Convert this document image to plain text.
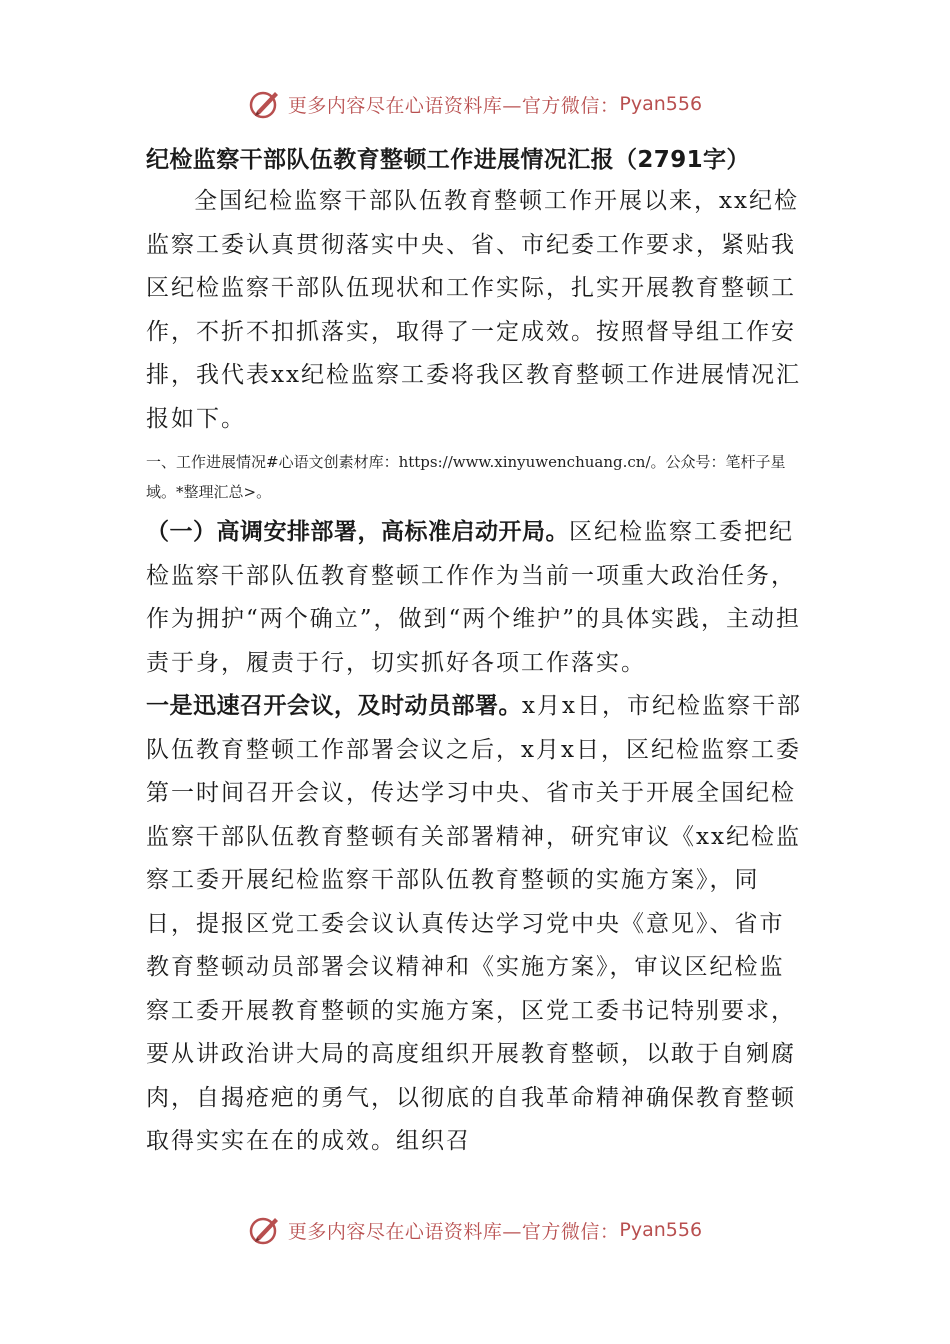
更多内容尽在心语资料库—官方微信： Pyan556
纪检监察干部队伍教育整顿工作进展情况汇报（2791字）

全国纪检监察干部队伍教育整顿工作开展以来，xx纪检监察工委认真贯彻落实中央、省、市纪委工作要求，紧贴我区纪检监察干部队伍现状和工作实际，扎实开展教育整顿工作，不折不扣抓落实，取得了一定成效。按照督导组工作安排，我代表xx纪检监察工委将我区教育整顿工作进展情况汇报如下。

一、工作进展情况#心语文创素材库：https://www.xinyuwenchuang.cn/。公众号：笔杆子星域。*整理汇总>。

（一）高调安排部署，高标准启动开局。区纪检监察工委把纪检监察干部队伍教育整顿工作作为当前一项重大政治任务，作为拥护“两个确立”，做到“两个维护”的具体实践，主动担责于身，履责于行，切实抓好各项工作落实。

一是迅速召开会议，及时动员部署。x月x日，市纪检监察干部队伍教育整顿工作部署会议之后，x月x日，区纪检监察工委第一时间召开会议，传达学习中央、省市关于开展全国纪检监察干部队伍教育整顿有关部署精神，研究审议《xx纪检监察工委开展纪检监察干部队伍教育整顿的实施方案》，同日，提报区党工委会议认真传达学习党中央《意见》、省市教育整顿动员部署会议精神和《实施方案》，审议区纪检监察工委开展教育整顿的实施方案，区党工委书记特别要求，要从讲政治讲大局的高度组织开展教育整顿，以敢于自剜腐肉，自揭疮疤的勇气，以彻底的自我革命精神确保教育整顿取得实实在在的成效。组织召

更多内容尽在心语资料库—官方微信： Pyan556
